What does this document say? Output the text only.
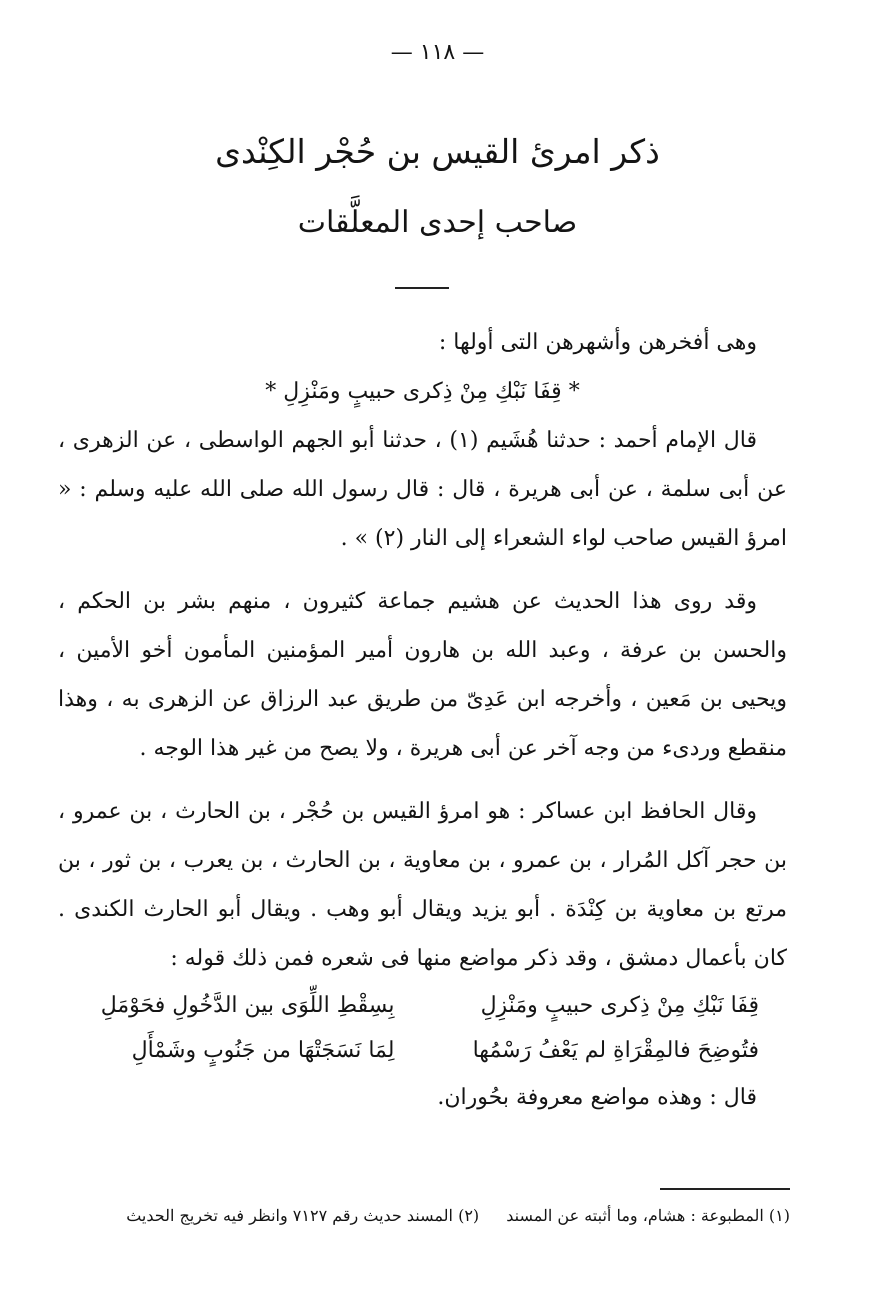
— ١١٨ —
ذكر امرئ القيس بن حُجْر الكِنْدى
صاحب إحدى المعلَّقات

وهى أفخرهن وأشهرهن التى أولها :

* قِفَا نَبْكِ مِنْ ذِكرى حبيبٍ ومَنْزِلِ *

قال الإمام أحمد : حدثنا هُشَيم (١) ، حدثنا أبو الجهم الواسطى ، عن الزهرى ، عن أبى سلمة ، عن أبى هريرة ، قال : قال رسول الله صلى الله عليه وسلم : « امرؤ القيس صاحب لواء الشعراء إلى النار (٢) » .

وقد روى هذا الحديث عن هشيم جماعة كثيرون ، منهم بشر بن الحكم ، والحسن بن عرفة ، وعبد الله بن هارون أمير المؤمنين المأمون أخو الأمين ، ويحيى بن مَعين ، وأخرجه ابن عَدِىّ من طريق عبد الرزاق عن الزهرى به ، وهذا منقطع وردىء من وجه آخر عن أبى هريرة ، ولا يصح من غير هذا الوجه .

وقال الحافظ ابن عساكر : هو امرؤ القيس بن حُجْر ، بن الحارث ، بن عمرو ، بن حجر آكل المُرار ، بن عمرو ، بن معاوية ، بن الحارث ، بن يعرب ، بن ثور ، بن مرتع بن معاوية بن كِنْدَة . أبو يزيد ويقال أبو وهب . ويقال أبو الحارث الكندى . كان بأعمال دمشق ، وقد ذكر مواضع منها فى شعره فمن ذلك قوله :

قِفَا نَبْكِ مِنْ ذِكرى حبيبٍ ومَنْزِلِ
بِسِقْطِ اللِّوَى بين الدَّخُولِ فحَوْمَلِ
فتُوضِحَ فالمِقْرَاةِ لم يَعْفُ رَسْمُها
لِمَا نَسَجَتْهَا من جَنُوبٍ وشَمْأَلِ

قال : وهذه مواضع معروفة بحُوران.

(١) المطبوعة : هشام، وما أثبته عن المسند (٢) المسند حديث رقم ٧١٢٧ وانظر فيه تخريج الحديث
